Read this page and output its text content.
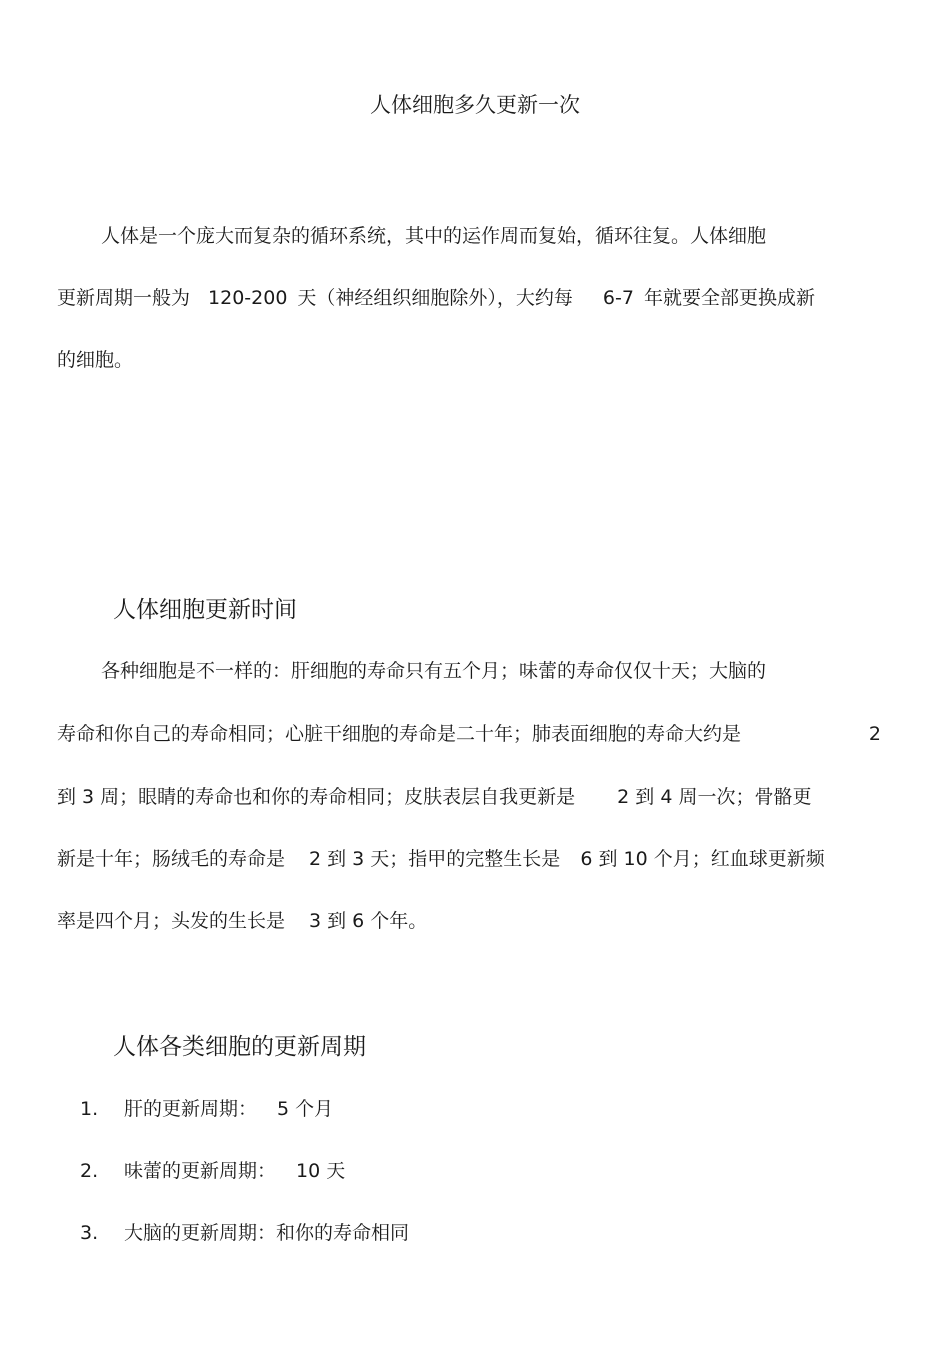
人体细胞多久更新一次
人体是一个庞大而复杂的循环系统，其中的运作周而复始，循环往复。人体细胞
更新周期一般为 120-200 天（神经组织细胞除外），大约每 6-7 年就要全部更换成新
的细胞。
人体细胞更新时间
各种细胞是不一样的：肝细胞的寿命只有五个月；味蕾的寿命仅仅十天；大脑的
寿命和你自己的寿命相同；心脏干细胞的寿命是二十年；肺表面细胞的寿命大约是	2
到 3 周；眼睛的寿命也和你的寿命相同；皮肤表层自我更新是 2 到 4 周一次；骨骼更
新是十年；肠绒毛的寿命是 2 到 3 天；指甲的完整生长是 6 到 10 个月；红血球更新频
率是四个月；头发的生长是 3 到 6 个年。
人体各类细胞的更新周期
1. 肝的更新周期： 5 个月
2. 味蕾的更新周期： 10 天
3. 大脑的更新周期：和你的寿命相同
